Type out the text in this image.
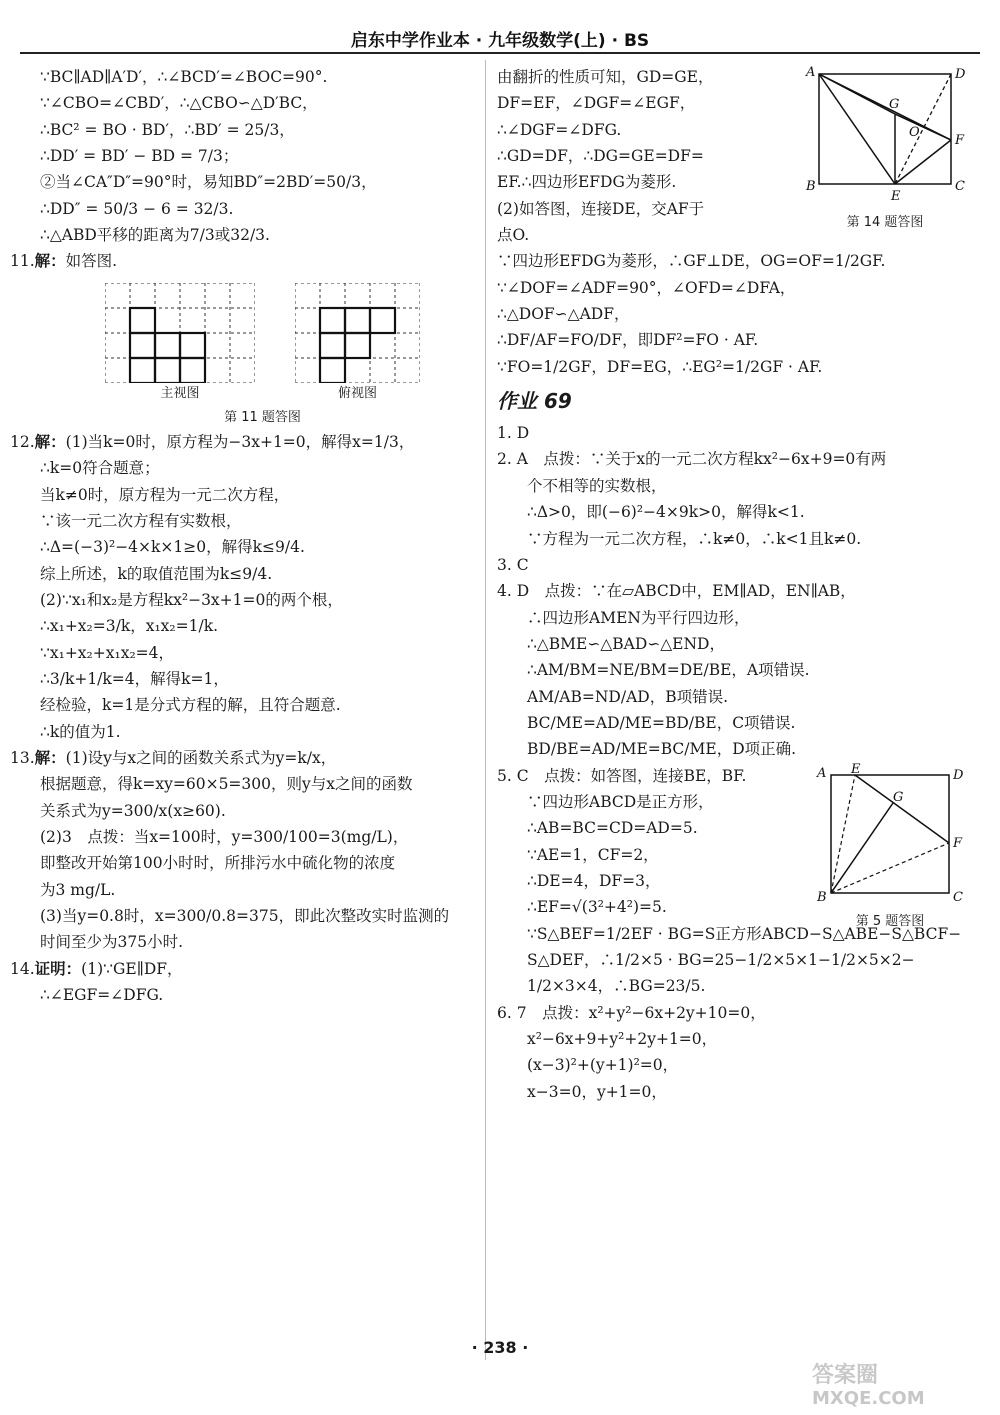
启东中学作业本 · 九年级数学(上) · BS
∵BC∥AD∥A′D′，∴∠BCD′=∠BOC=90°.
∵∠CBO=∠CBD′，∴△CBO∽△D′BC，
∴BC² = BO · BD′，∴BD′ = 25/3，
∴DD′ = BD′ − BD = 7/3；
②当∠CA″D″=90°时，易知BD″=2BD′=50/3，
∴DD″ = 50/3 − 6 = 32/3.
∴△ABD平移的距离为7/3或32/3.
11.解：如答图.
主视图	俯视图
第 11 题答图
12.解：(1)当k=0时，原方程为−3x+1=0，解得x=1/3，
∴k=0符合题意；
当k≠0时，原方程为一元二次方程，
∵该一元二次方程有实数根，
∴Δ=(−3)²−4×k×1≥0，解得k≤9/4.
综上所述，k的取值范围为k≤9/4.
(2)∵x₁和x₂是方程kx²−3x+1=0的两个根，
∴x₁+x₂=3/k，x₁x₂=1/k.
∵x₁+x₂+x₁x₂=4，
∴3/k+1/k=4，解得k=1，
经检验，k=1是分式方程的解，且符合题意.
∴k的值为1.
13.解：(1)设y与x之间的函数关系式为y=k/x，
根据题意，得k=xy=60×5=300，则y与x之间的函数
关系式为y=300/x(x≥60).
(2)3　点拨：当x=100时，y=300/100=3(mg/L)，
即整改开始第100小时时，所排污水中硫化物的浓度
为3 mg/L.
(3)当y=0.8时，x=300/0.8=375，即此次整改实时监测的
时间至少为375小时.
14.证明：(1)∵GE∥DF，
∴∠EGF=∠DFG.
由翻折的性质可知，GD=GE，
DF=EF，∠DGF=∠EGF，
∴∠DGF=∠DFG.
∴GD=DF，∴DG=GE=DF=
EF.∴四边形EFDG为菱形.
(2)如答图，连接DE，交AF于
点O.
A	D
G
O
F
B
E
C
第 14 题答图
∵四边形EFDG为菱形，∴GF⊥DE，OG=OF=1/2GF.
∵∠DOF=∠ADF=90°，∠OFD=∠DFA，
∴△DOF∽△ADF，
∴DF/AF=FO/DF，即DF²=FO · AF.
∵FO=1/2GF，DF=EG，∴EG²=1/2GF · AF.
作业 69
1. D
2. A　点拨：∵关于x的一元二次方程kx²−6x+9=0有两
个不相等的实数根，
∴Δ>0，即(−6)²−4×9k>0，解得k<1.
∵方程为一元二次方程，∴k≠0，∴k<1且k≠0.
3. C
4. D　点拨：∵在▱ABCD中，EM∥AD，EN∥AB，
∴四边形AMEN为平行四边形，
∴△BME∽△BAD∽△END，
∴AM/BM=NE/BM=DE/BE，A项错误.
AM/AB=ND/AD，B项错误.
BC/ME=AD/ME=BD/BE，C项错误.
BD/BE=AD/ME=BC/ME，D项正确.
5. C　点拨：如答图，连接BE，BF.
∵四边形ABCD是正方形，
∴AB=BC=CD=AD=5.
∵AE=1，CF=2，
∴DE=4，DF=3，
∴EF=√(3²+4²)=5.
A E	D
G
F
B	C
第 5 题答图
∵S△BEF=1/2EF · BG=S正方形ABCD−S△ABE−S△BCF−
S△DEF，∴1/2×5 · BG=25−1/2×5×1−1/2×5×2−
1/2×3×4，∴BG=23/5.
6. 7　点拨：x²+y²−6x+2y+10=0，
x²−6x+9+y²+2y+1=0，
(x−3)²+(y+1)²=0，
x−3=0，y+1=0，
· 238 ·
答案圈
MXQE.COM
